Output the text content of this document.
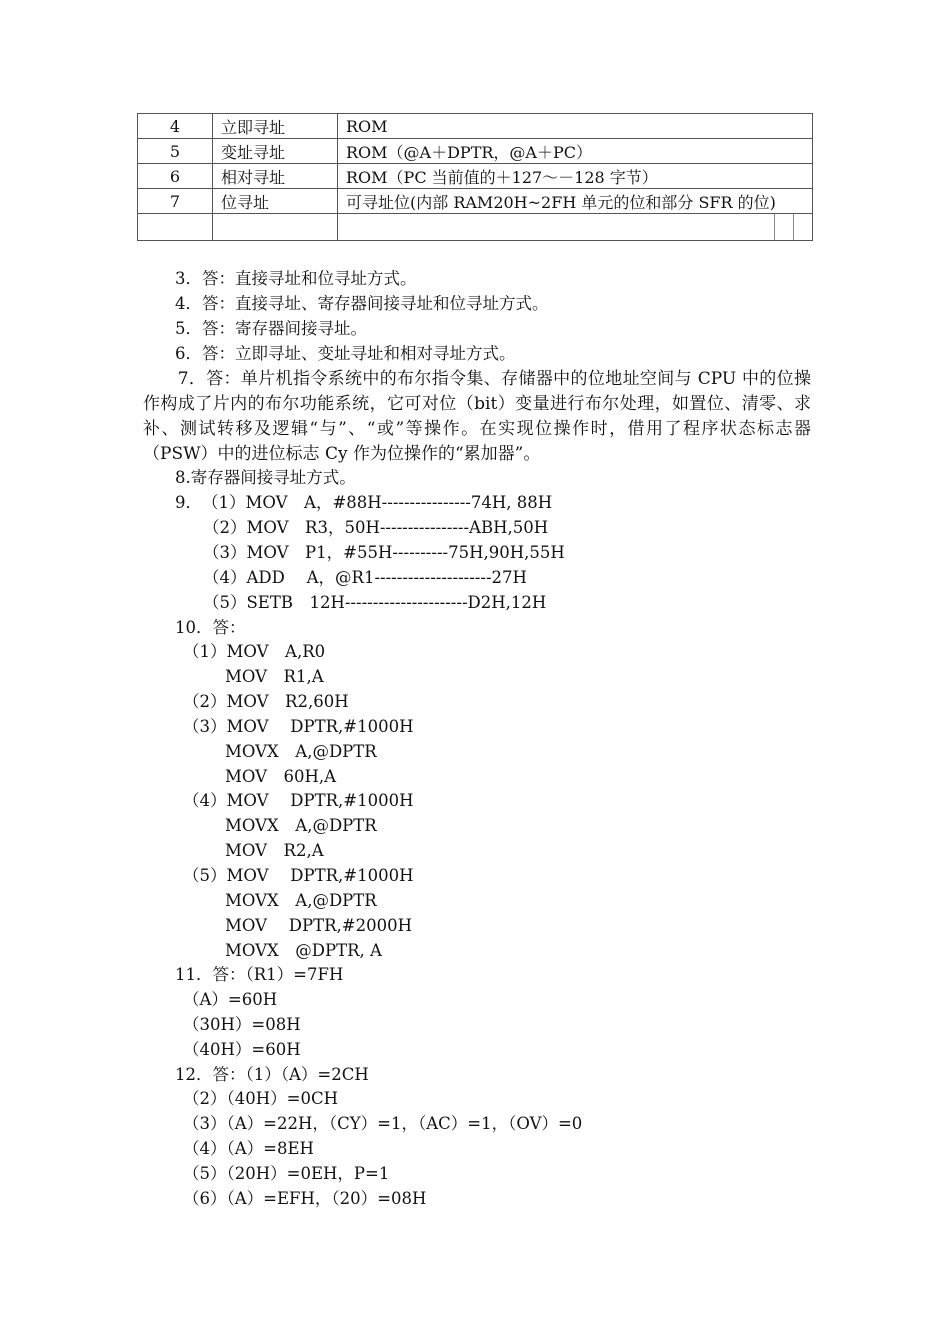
4	立即寻址	ROM
5	变址寻址	ROM（@A＋DPTR，@A＋PC）
6	相对寻址	ROM（PC 当前值的＋127～－128 字节）
7	位寻址	可寻址位(内部 RAM20H~2FH 单元的位和部分 SFR 的位)

3．答：直接寻址和位寻址方式。
4．答：直接寻址、寄存器间接寻址和位寻址方式。
5．答：寄存器间接寻址。
6．答：立即寻址、变址寻址和相对寻址方式。
　　7．答：单片机指令系统中的布尔指令集、存储器中的位地址空间与 CPU 中的位操作构成了片内的布尔功能系统，它可对位（bit）变量进行布尔处理，如置位、清零、求补、测试转移及逻辑“与”、“或”等操作。在实现位操作时，借用了程序状态标志器（PSW）中的进位标志 Cy 作为位操作的“累加器”。
8.寄存器间接寻址方式。
9．　（1）MOV　A，#88H----------------74H, 88H
（2）MOV　R3，50H----------------ABH,50H
（3）MOV　P1，#55H----------75H,90H,55H
（4）ADD　 A，@R1---------------------27H
（5）SETB　12H----------------------D2H,12H
10．答：
（1）MOV　A,R0
MOV　R1,A
（2）MOV　R2,60H
（3）MOV　 DPTR,#1000H
MOVX　A,@DPTR
MOV　60H,A
（4）MOV　 DPTR,#1000H
MOVX　A,@DPTR
MOV　R2,A
（5）MOV　 DPTR,#1000H
MOVX　A,@DPTR
MOV　 DPTR,#2000H
MOVX　@DPTR, A
11．答：（R1）=7FH
（A）=60H
（30H）=08H
（40H）=60H
12．答：（1）（A）=2CH
（2）（40H）=0CH
（3）（A）=22H，（CY）=1，（AC）=1，（OV）=0
（4）（A）=8EH
（5）（20H）=0EH，P=1
（6）（A）=EFH，（20）=08H
